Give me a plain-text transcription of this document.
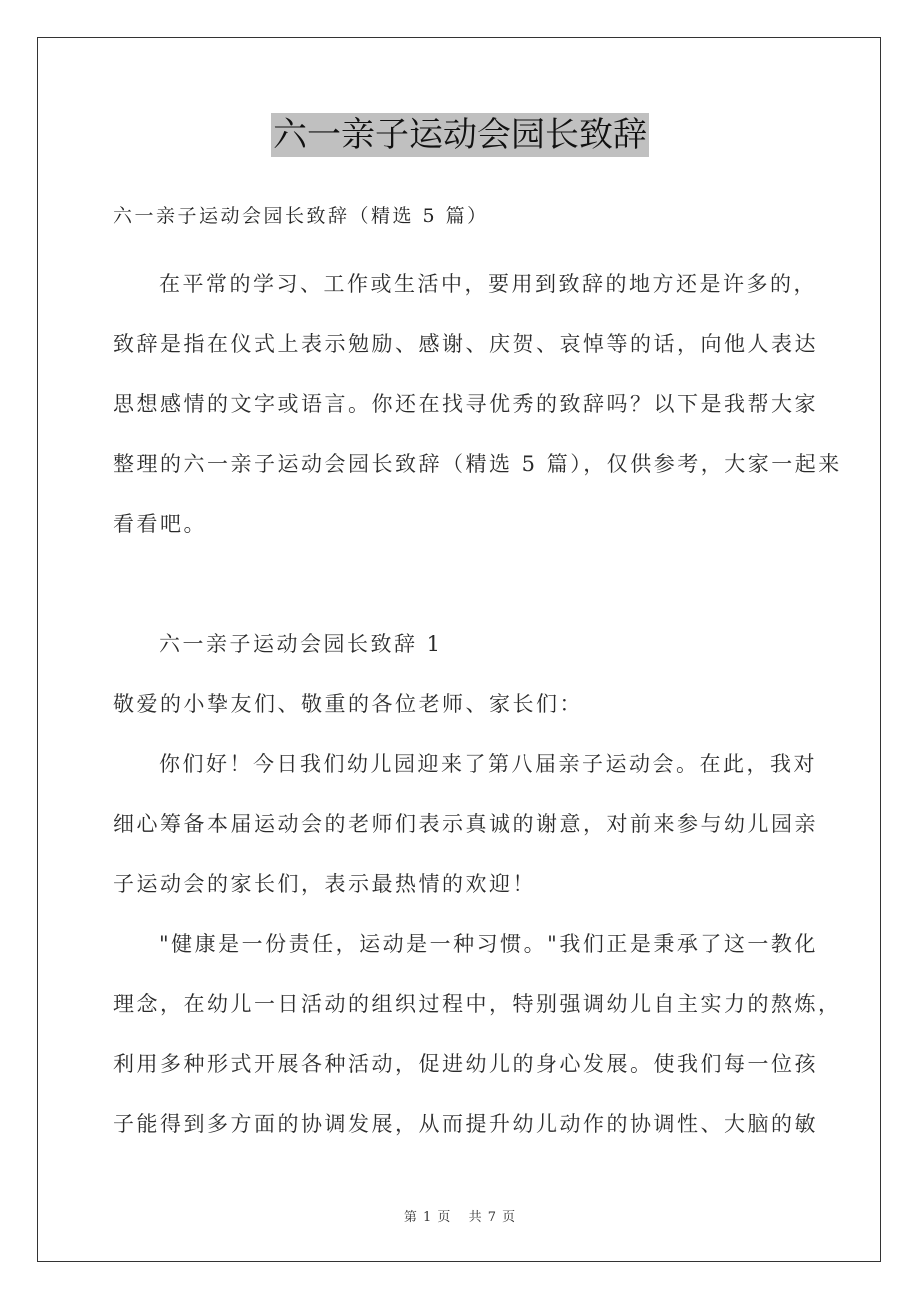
六一亲子运动会园长致辞
六一亲子运动会园长致辞（精选 5 篇）
在平常的学习、工作或生活中，要用到致辞的地方还是许多的，
致辞是指在仪式上表示勉励、感谢、庆贺、哀悼等的话，向他人表达
思想感情的文字或语言。你还在找寻优秀的致辞吗？以下是我帮大家
整理的六一亲子运动会园长致辞（精选 5 篇），仅供参考，大家一起来
看看吧。
六一亲子运动会园长致辞 1
敬爱的小挚友们、敬重的各位老师、家长们：
你们好！今日我们幼儿园迎来了第八届亲子运动会。在此，我对
细心筹备本届运动会的老师们表示真诚的谢意，对前来参与幼儿园亲
子运动会的家长们，表示最热情的欢迎！
"健康是一份责任，运动是一种习惯。"我们正是秉承了这一教化
理念，在幼儿一日活动的组织过程中，特别强调幼儿自主实力的熬炼，
利用多种形式开展各种活动，促进幼儿的身心发展。使我们每一位孩
子能得到多方面的协调发展，从而提升幼儿动作的协调性、大脑的敏
第 1 页 共 7 页
